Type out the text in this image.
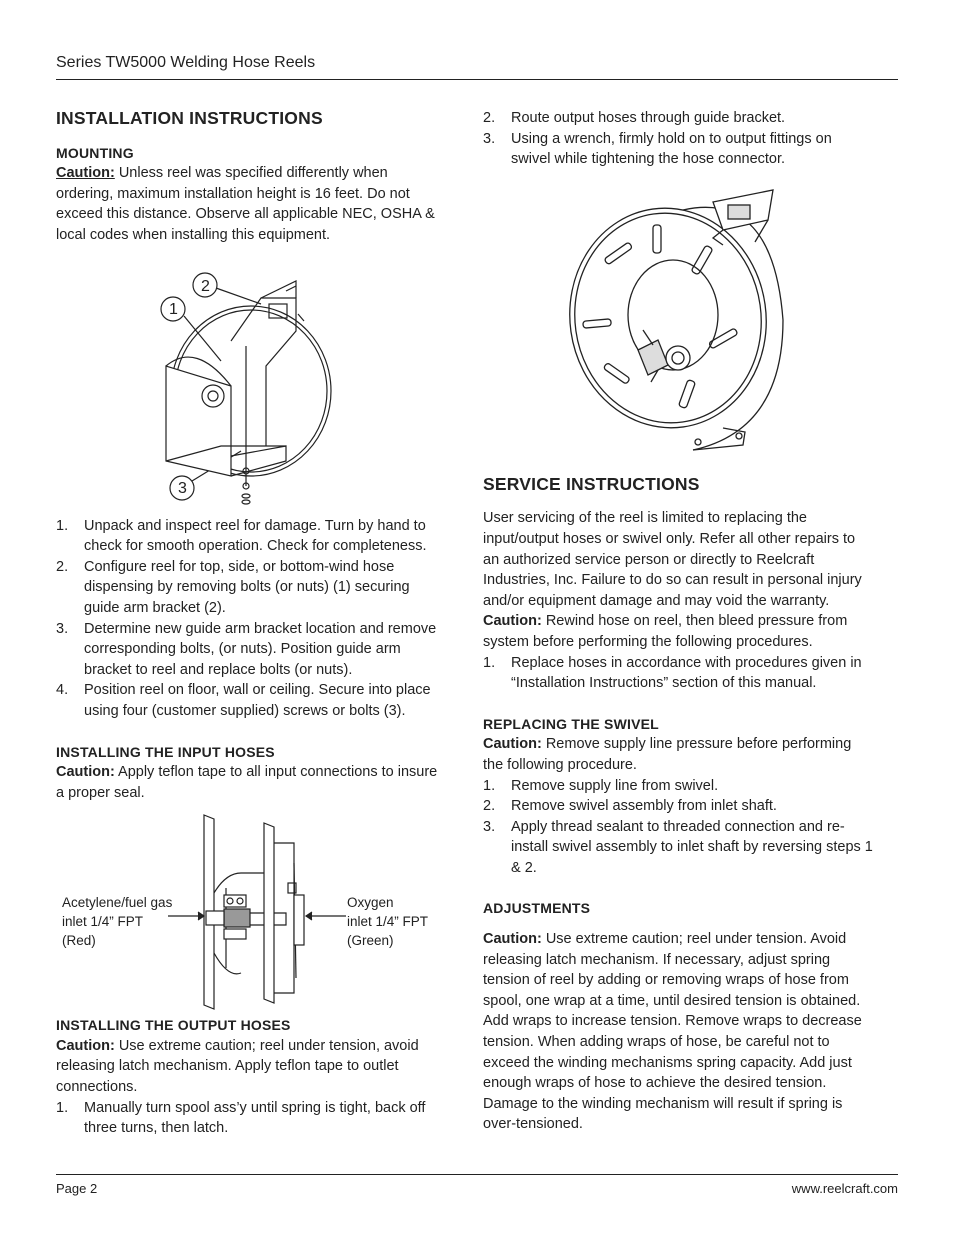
Series TW5000 Welding Hose Reels
INSTALLATION INSTRUCTIONS
MOUNTING

Caution: Unless reel was specified differently when ordering, maximum installation height is 16 feet. Do not exceed this distance. Observe all applicable NEC, OSHA & local codes when installing this equipment.

1
2
3
1. Unpack and inspect reel for damage. Turn by hand to check for smooth operation. Check for completeness.
2. Configure reel for top, side, or bottom-wind hose dispensing by removing bolts (or nuts) (1) securing guide arm bracket (2).
3. Determine new guide arm bracket location and remove corresponding bolts, (or nuts). Position guide arm bracket to reel and replace bolts (or nuts).
4. Position reel on floor, wall or ceiling. Secure into place using four (customer supplied) screws or bolts (3).
INSTALLING THE INPUT HOSES

Caution: Apply teflon tape to all input connections to insure a proper seal.

Acetylene/fuel gas
inlet 1/4” FPT
(Red)
Oxygen
inlet 1/4” FPT
(Green)
INSTALLING THE OUTPUT HOSES

Caution: Use extreme caution; reel under tension, avoid releasing latch mechanism. Apply teflon tape to outlet connections.

1. Manually turn spool ass’y until spring is tight, back off three turns, then latch.
2. Route output hoses through guide bracket.
3. Using a wrench, firmly hold on to output fittings on swivel while tightening the hose connector.
SERVICE INSTRUCTIONS

User servicing of the reel is limited to replacing the input/output hoses or swivel only. Refer all other repairs to an authorized service person or directly to Reelcraft Industries, Inc. Failure to do so can result in personal injury and/or equipment damage and may void the warranty.

Caution: Rewind hose on reel, then bleed pressure from system before performing the following procedures.

1. Replace hoses in accordance with procedures given in “Installation Instructions” section of this manual.
REPLACING THE SWIVEL

Caution: Remove supply line pressure before performing the following procedure.

1. Remove supply line from swivel.
2. Remove swivel assembly from inlet shaft.
3. Apply thread sealant to threaded connection and re-install swivel assembly to inlet shaft by reversing steps 1 & 2.
ADJUSTMENTS

Caution: Use extreme caution; reel under tension. Avoid releasing latch mechanism. If necessary, adjust spring tension of reel by adding or removing wraps of hose from spool, one wrap at a time, until desired tension is obtained. Add wraps to increase tension. Remove wraps to decrease tension. When adding wraps of hose, be careful not to exceed the winding mechanisms spring capacity. Add just enough wraps of hose to achieve the desired tension. Damage to the winding mechanism will result if spring is over-tensioned.

Page 2	www.reelcraft.com
